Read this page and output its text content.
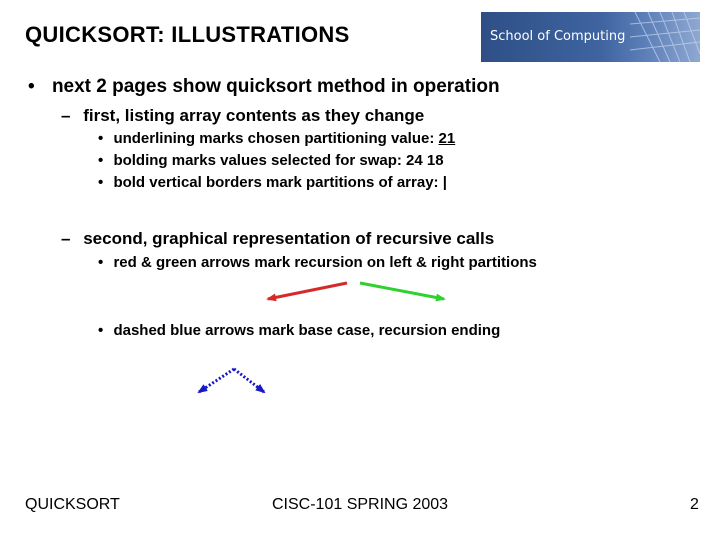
QUICKSORT: ILLUSTRATIONS	School of Computing
• next 2 pages show quicksort method in operation
– first, listing array contents as they change
• underlining marks chosen partitioning value: 21
• bolding marks values selected for swap: 24 18
• bold vertical borders mark partitions of array: |
– second, graphical representation of recursive calls
• red & green arrows mark recursion on left & right partitions
• dashed blue arrows mark base case, recursion ending
QUICKSORT	CISC-101 SPRING 2003	2
